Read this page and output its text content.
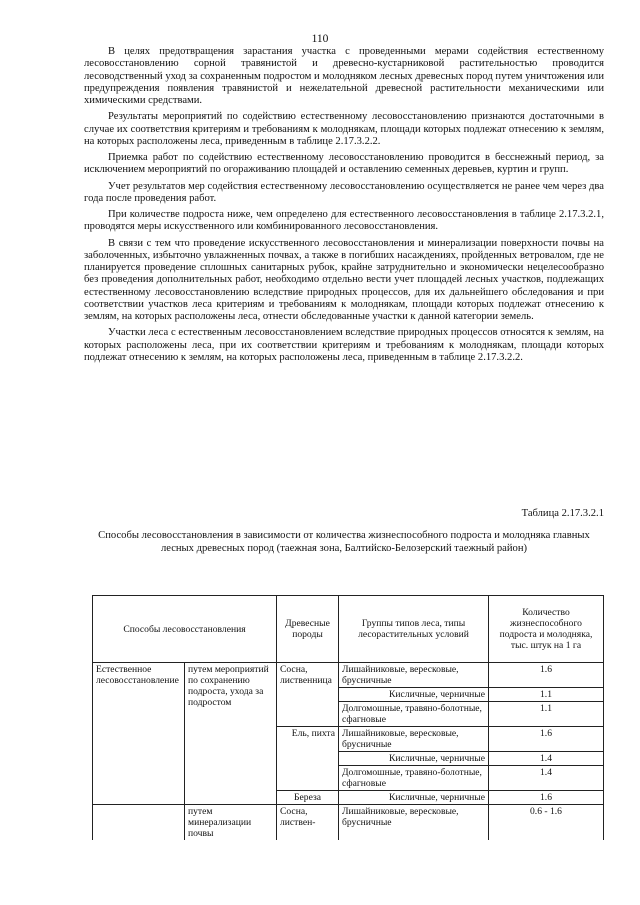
110

В целях предотвращения зарастания участка с проведенными мерами содействия естественному лесовосстановлению сорной травянистой и древесно-кустарниковой растительностью проводится лесоводственный уход за сохраненным подростом и молодняком лесных древесных пород путем уничтожения или предупреждения появления травянистой и нежелательной древесной растительности механическими или химическими средствами.

Результаты мероприятий по содействию естественному лесовосстановлению признаются достаточными в случае их соответствия критериям и требованиям к молоднякам, площади которых подлежат отнесению к землям, на которых расположены леса, приведенным в таблице 2.17.3.2.2.

Приемка работ по содействию естественному лесовосстановлению проводится в бесснежный период, за исключением мероприятий по огораживанию площадей и оставлению семенных деревьев, куртин и групп.

Учет результатов мер содействия естественному лесовосстановлению осуществляется не ранее чем через два года после проведения работ.

При количестве подроста ниже, чем определено для естественного лесовосстановления в таблице 2.17.3.2.1, проводятся меры искусственного или комбинированного лесовосстановления.

В связи с тем что проведение искусственного лесовосстановления и минерализации поверхности почвы на заболоченных, избыточно увлажненных почвах, а также в погибших насаждениях, пройденных ветровалом, где не планируется проведение сплошных санитарных рубок, крайне затруднительно и экономически нецелесообразно без проведения дополнительных работ, необходимо отдельно вести учет площадей лесных участков, подлежащих естественному лесовосстановлению вследствие природных процессов, для их дальнейшего обследования и при соответствии участков леса критериям и требованиям к молоднякам, площади которых подлежат отнесению к землям, на которых расположены леса, отнести обследованные участки к данной категории земель.

Участки леса с естественным лесовосстановлением вследствие природных процессов относятся к землям, на которых расположены леса, при их соответствии критериям и требованиям к молоднякам, площади которых подлежат отнесению к землям, на которых расположены леса, приведенным в таблице 2.17.3.2.2.

Таблица 2.17.3.2.1
Способы лесовосстановления в зависимости от количества жизнеспособного подроста и молодняка главных лесных древесных пород (таежная зона, Балтийско-Белозерский таежный район)
Способы лесовосстановления		Древесные породы	Группы типов леса, типы лесорастительных условий	Количество жизнеспособного подроста и молодняка, тыс. штук на 1 га
Естественное лесовосстановление	путем мероприятий по сохранению подроста, ухода за подростом	Сосна, лиственница	Лишайниковые, вересковые, брусничные	1.6
			Кисличные, черничные	1.1
			Долгомошные, травяно-болотные, сфагновые	1.1
		Ель, пихта	Лишайниковые, вересковые, брусничные	1.6
			Кисличные, черничные	1.4
			Долгомошные, травяно-болотные, сфагновые	1.4
		Береза	Кисличные, черничные	1.6
	путем минерализации почвы	Сосна, листвен-	Лишайниковые, вересковые, брусничные	0.6 - 1.6
